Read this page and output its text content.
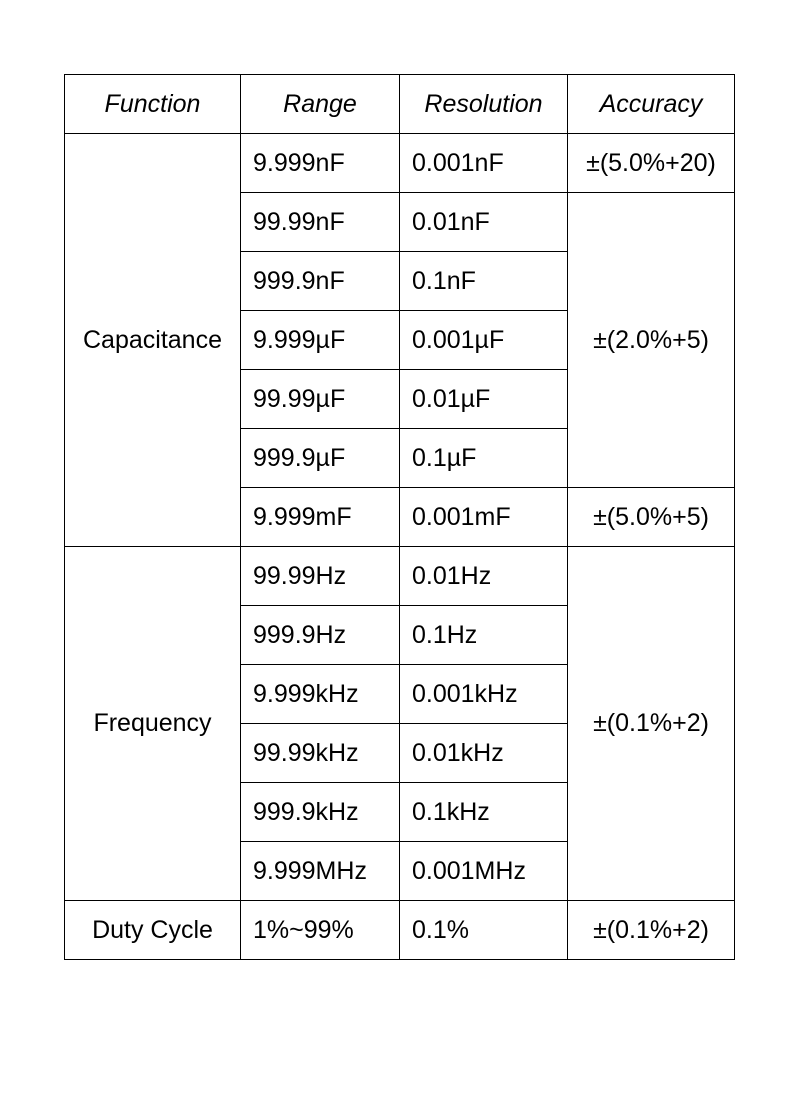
Function	Range	Resolution	Accuracy
Capacitance	9.999nF	0.001nF	±(5.0%+20)
	99.99nF	0.01nF	±(2.0%+5)
	999.9nF	0.1nF	
	9.999µF	0.001µF	
	99.99µF	0.01µF	
	999.9µF	0.1µF	
	9.999mF	0.001mF	±(5.0%+5)
Frequency	99.99Hz	0.01Hz	±(0.1%+2)
	999.9Hz	0.1Hz	
	9.999kHz	0.001kHz	
	99.99kHz	0.01kHz	
	999.9kHz	0.1kHz	
	9.999MHz	0.001MHz	
Duty Cycle	1%~99%	0.1%	±(0.1%+2)
